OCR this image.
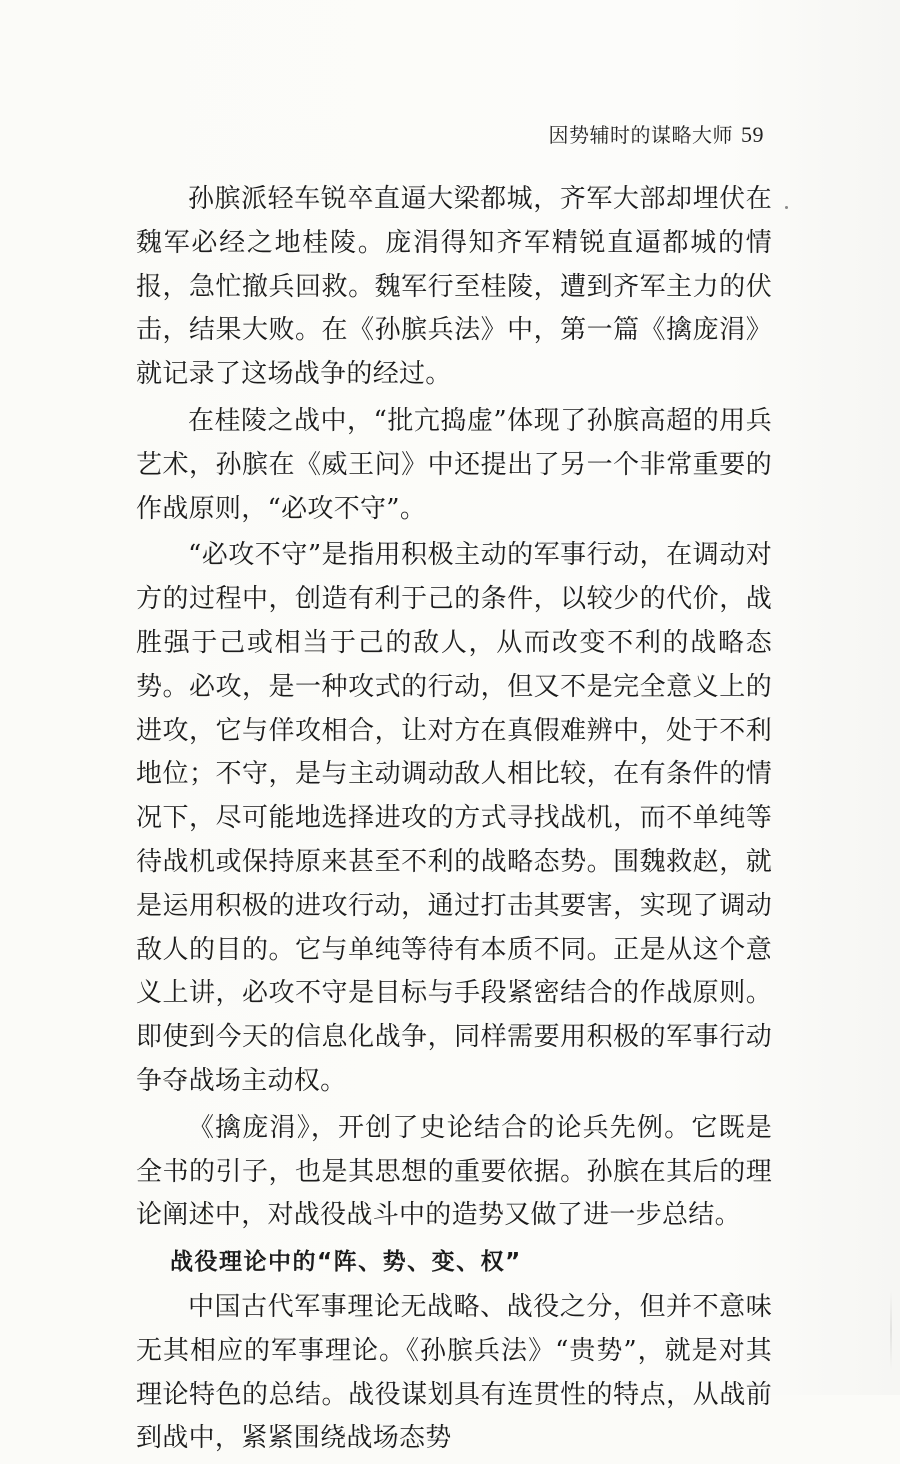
因势辅时的谋略大师 59

孙膑派轻车锐卒直逼大梁都城，齐军大部却埋伏在魏军必经之地桂陵。庞涓得知齐军精锐直逼都城的情报，急忙撤兵回救。魏军行至桂陵，遭到齐军主力的伏击，结果大败。在《孙膑兵法》中，第一篇《擒庞涓》就记录了这场战争的经过。

在桂陵之战中，“批亢捣虚”体现了孙膑高超的用兵艺术，孙膑在《威王问》中还提出了另一个非常重要的作战原则，“必攻不守”。

“必攻不守”是指用积极主动的军事行动，在调动对方的过程中，创造有利于己的条件，以较少的代价，战胜强于己或相当于己的敌人，从而改变不利的战略态势。必攻，是一种攻式的行动，但又不是完全意义上的进攻，它与佯攻相合，让对方在真假难辨中，处于不利地位；不守，是与主动调动敌人相比较，在有条件的情况下，尽可能地选择进攻的方式寻找战机，而不单纯等待战机或保持原来甚至不利的战略态势。围魏救赵，就是运用积极的进攻行动，通过打击其要害，实现了调动敌人的目的。它与单纯等待有本质不同。正是从这个意义上讲，必攻不守是目标与手段紧密结合的作战原则。即使到今天的信息化战争，同样需要用积极的军事行动争夺战场主动权。

《擒庞涓》，开创了史论结合的论兵先例。它既是全书的引子，也是其思想的重要依据。孙膑在其后的理论阐述中，对战役战斗中的造势又做了进一步总结。

战役理论中的“阵、势、变、权”

中国古代军事理论无战略、战役之分，但并不意味无其相应的军事理论。《孙膑兵法》“贵势”，就是对其理论特色的总结。战役谋划具有连贯性的特点，从战前到战中，紧紧围绕战场态势
